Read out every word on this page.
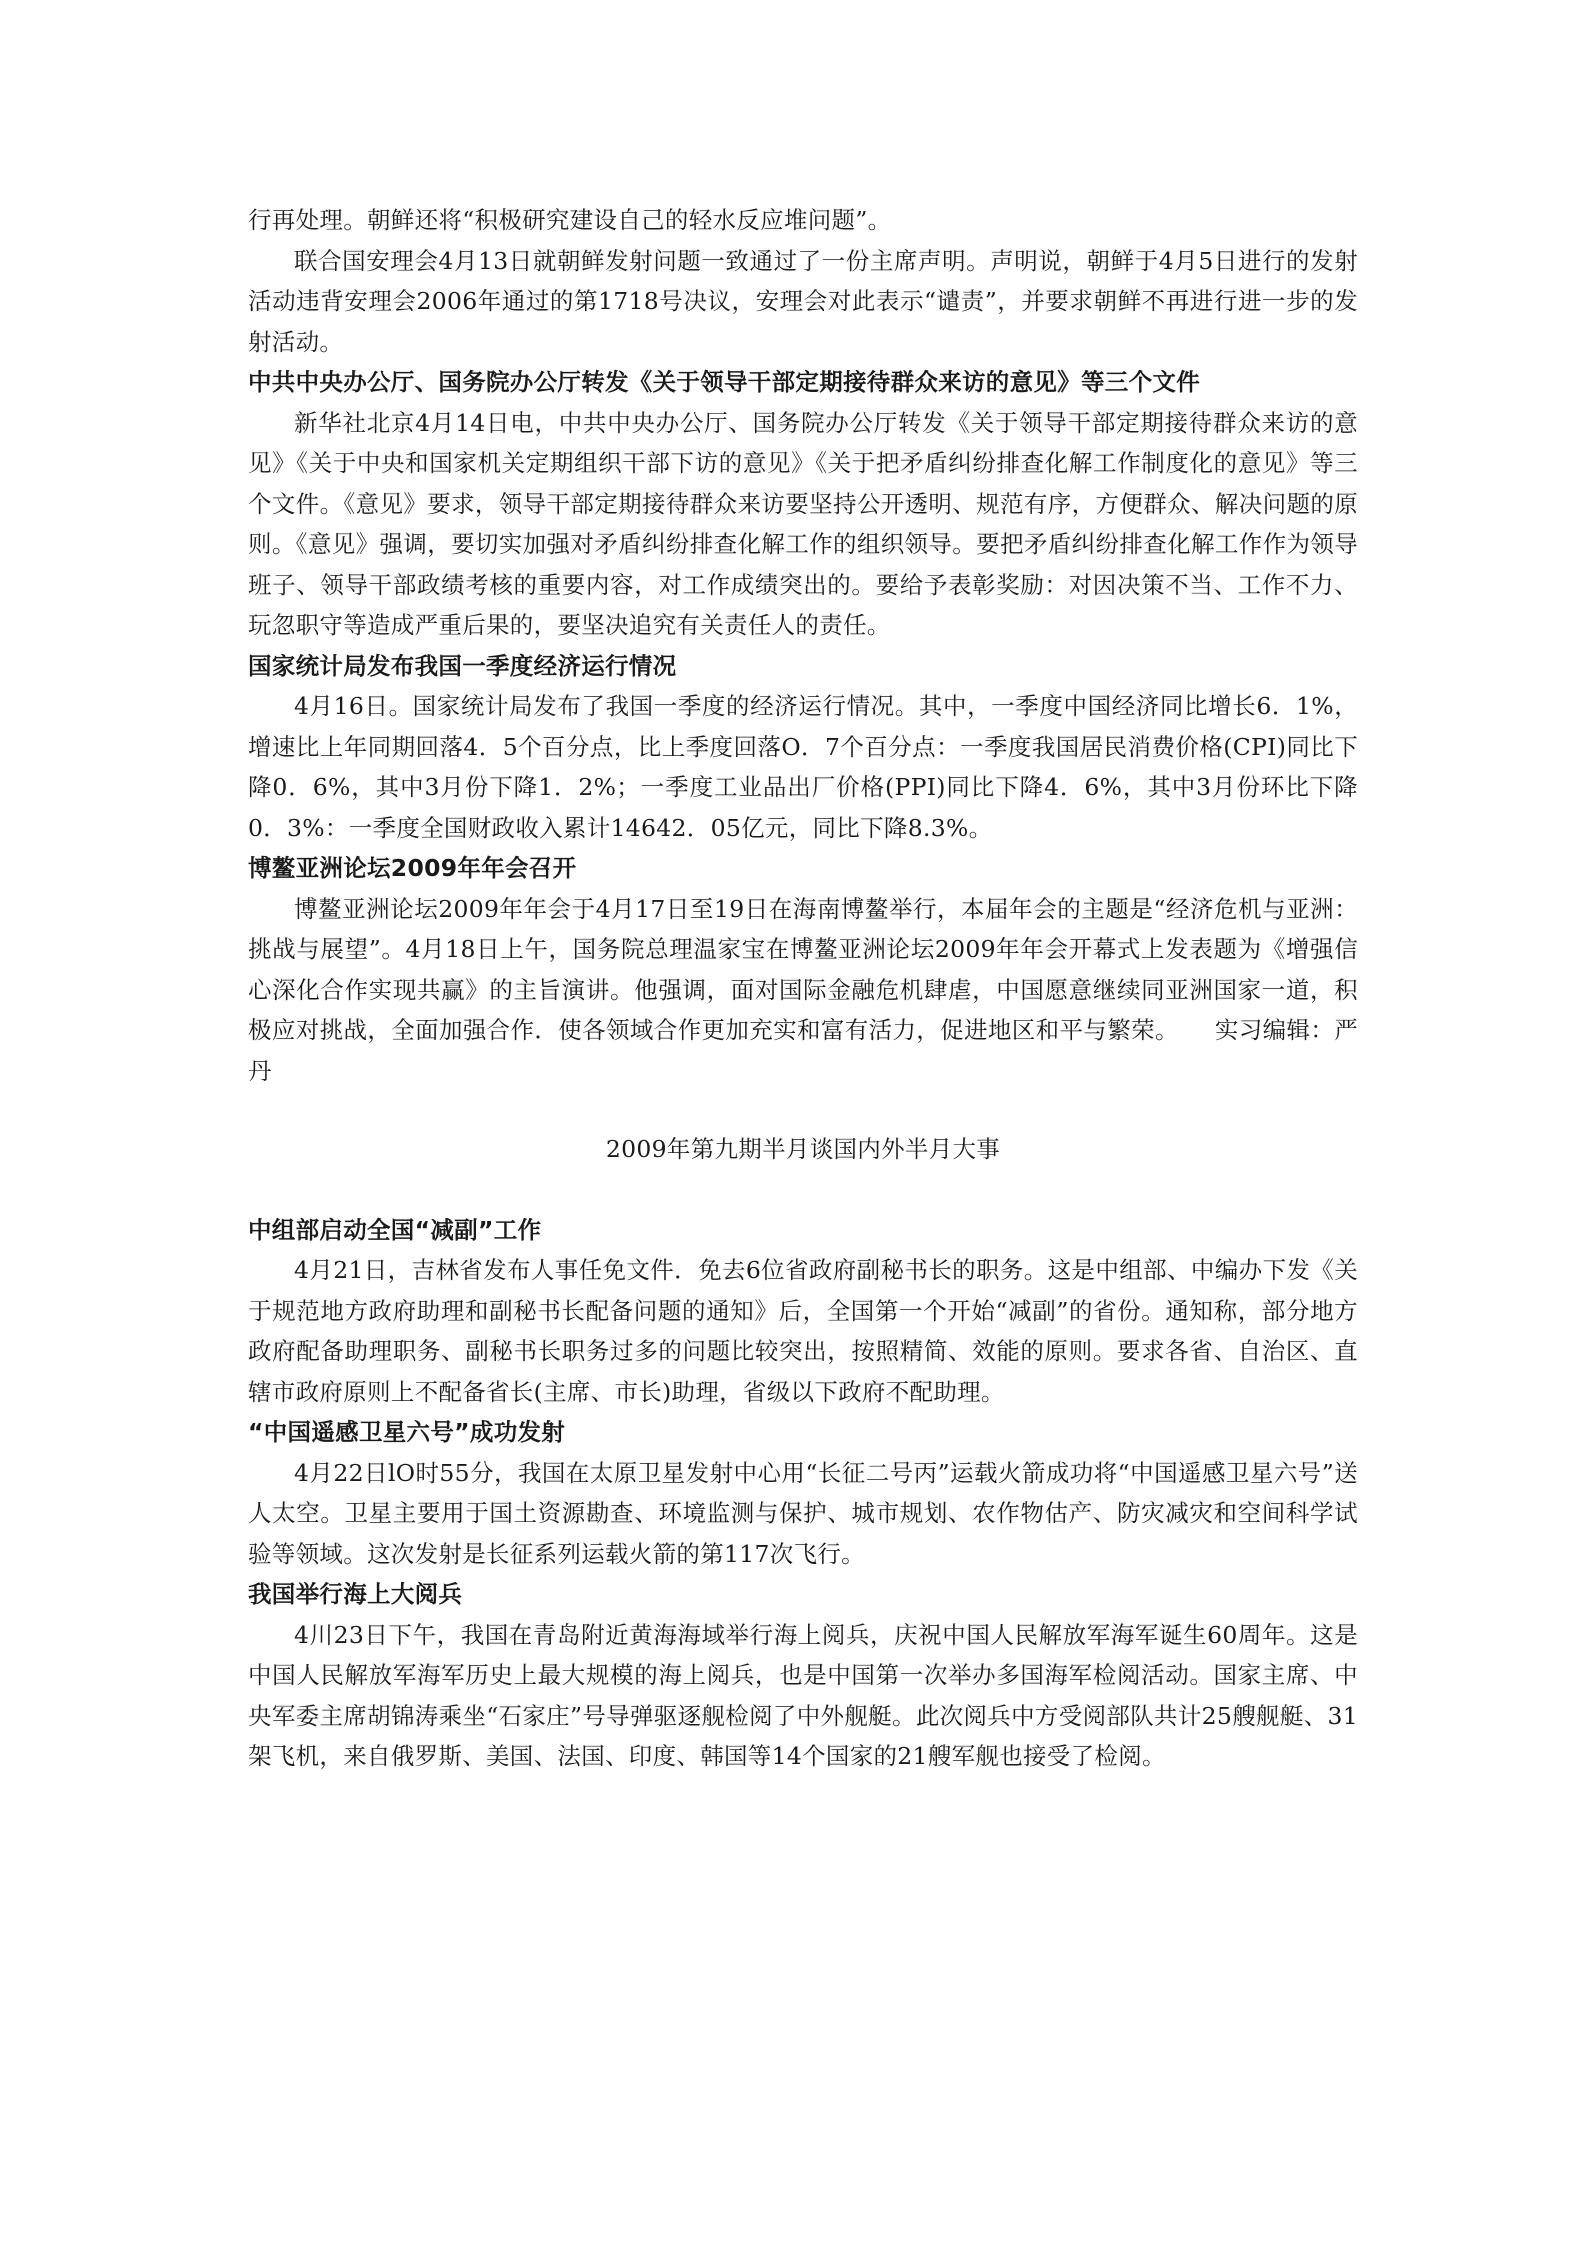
行再处理。朝鲜还将“积极研究建设自己的轻水反应堆问题”。

联合国安理会4月13日就朝鲜发射问题一致通过了一份主席声明。声明说，朝鲜于4月5日进行的发射活动违背安理会2006年通过的第1718号决议，安理会对此表示“谴责”，并要求朝鲜不再进行进一步的发射活动。

中共中央办公厅、国务院办公厅转发《关于领导干部定期接待群众来访的意见》等三个文件

新华社北京4月14日电，中共中央办公厅、国务院办公厅转发《关于领导干部定期接待群众来访的意见》《关于中央和国家机关定期组织干部下访的意见》《关于把矛盾纠纷排查化解工作制度化的意见》等三个文件。《意见》要求，领导干部定期接待群众来访要坚持公开透明、规范有序，方便群众、解决问题的原则。《意见》强调，要切实加强对矛盾纠纷排查化解工作的组织领导。要把矛盾纠纷排查化解工作作为领导班子、领导干部政绩考核的重要内容，对工作成绩突出的。要给予表彰奖励：对因决策不当、工作不力、玩忽职守等造成严重后果的，要坚决追究有关责任人的责任。

国家统计局发布我国一季度经济运行情况

4月16日。国家统计局发布了我国一季度的经济运行情况。其中，一季度中国经济同比增长6．1%，增速比上年同期回落4．5个百分点，比上季度回落O．7个百分点：一季度我国居民消费价格(CPI)同比下降0．6%，其中3月份下降1．2%；一季度工业品出厂价格(PPI)同比下降4．6%，其中3月份环比下降0．3%：一季度全国财政收入累计14642．05亿元，同比下降8.3%。

博鳌亚洲论坛2009年年会召开

博鳌亚洲论坛2009年年会于4月17日至19日在海南博鳌举行，本届年会的主题是“经济危机与亚洲：挑战与展望”。4月18日上午，国务院总理温家宝在博鳌亚洲论坛2009年年会开幕式上发表题为《增强信心深化合作实现共赢》的主旨演讲。他强调，面对国际金融危机肆虐，中国愿意继续同亚洲国家一道，积极应对挑战，全面加强合作．使各领域合作更加充实和富有活力，促进地区和平与繁荣。　　实习编辑：严丹

2009年第九期半月谈国内外半月大事
中组部启动全国“减副”工作

4月21日，吉林省发布人事任免文件．免去6位省政府副秘书长的职务。这是中组部、中编办下发《关于规范地方政府助理和副秘书长配备问题的通知》后，全国第一个开始“减副”的省份。通知称，部分地方政府配备助理职务、副秘书长职务过多的问题比较突出，按照精简、效能的原则。要求各省、自治区、直辖市政府原则上不配备省长(主席、市长)助理，省级以下政府不配助理。

“中国遥感卫星六号”成功发射

4月22日lO时55分，我国在太原卫星发射中心用“长征二号丙”运载火箭成功将“中国遥感卫星六号”送人太空。卫星主要用于国土资源勘查、环境监测与保护、城市规划、农作物估产、防灾减灾和空间科学试验等领域。这次发射是长征系列运载火箭的第117次飞行。

我国举行海上大阅兵

4川23日下午，我国在青岛附近黄海海域举行海上阅兵，庆祝中国人民解放军海军诞生60周年。这是中国人民解放军海军历史上最大规模的海上阅兵，也是中国第一次举办多国海军检阅活动。国家主席、中央军委主席胡锦涛乘坐“石家庄”号导弹驱逐舰检阅了中外舰艇。此次阅兵中方受阅部队共计25艘舰艇、31架飞机，来自俄罗斯、美国、法国、印度、韩国等14个国家的21艘军舰也接受了检阅。
